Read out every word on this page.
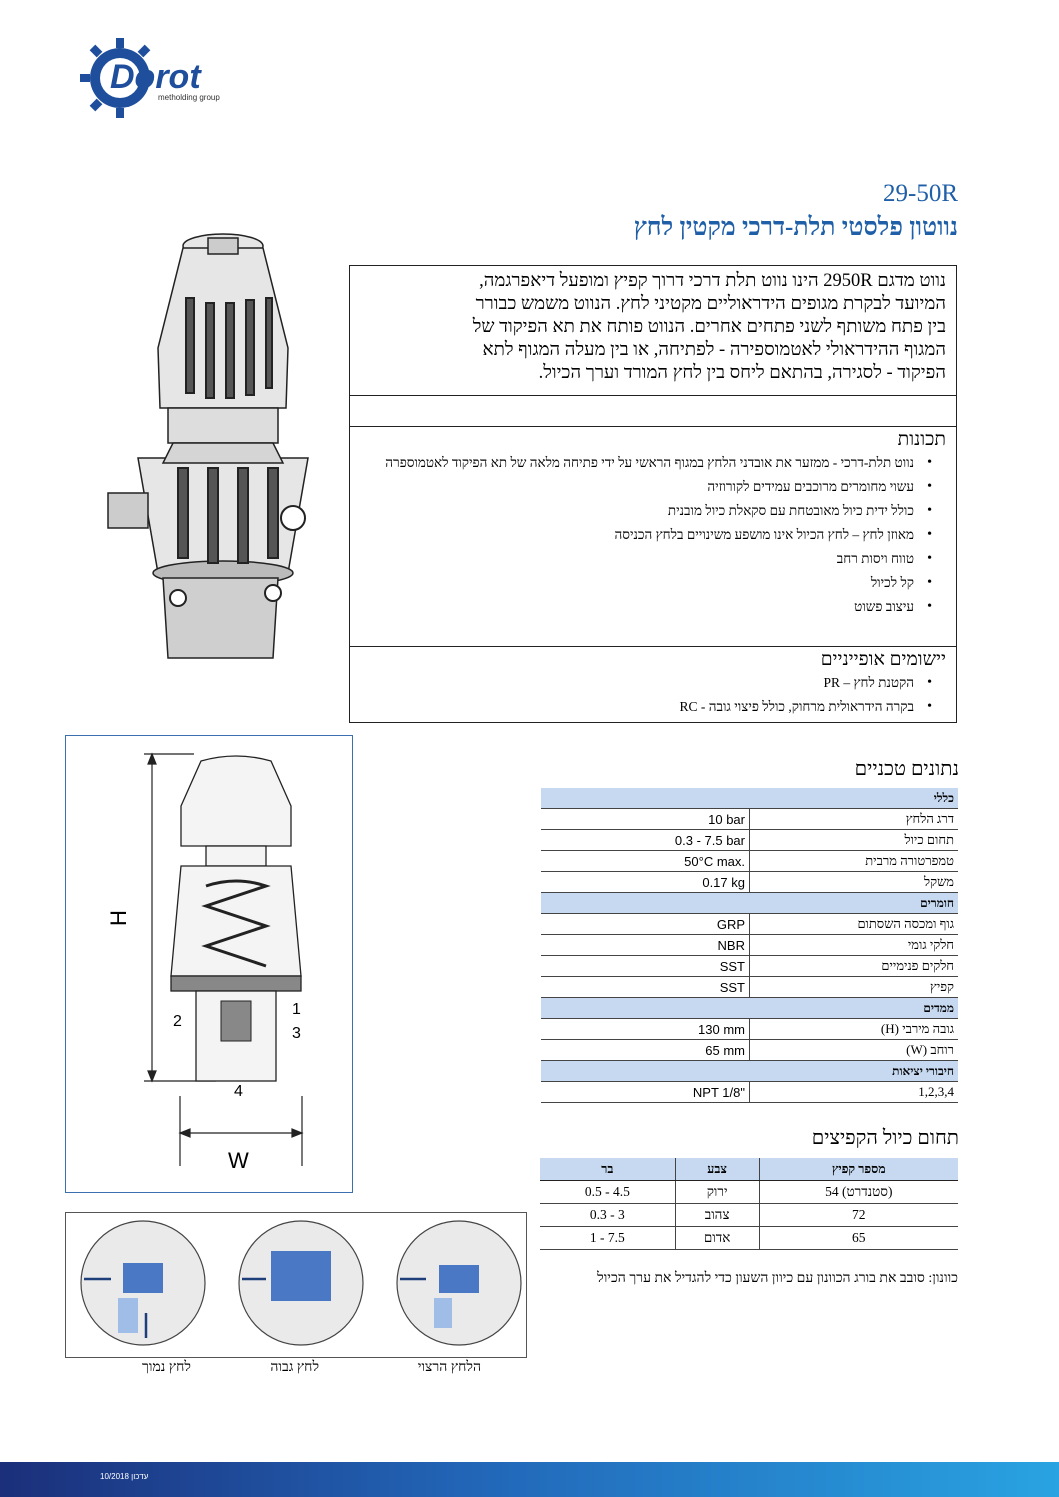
Dorot
metholding group
29-50R
נווטון פלסטי תלת-דרכי מקטין לחץ
נווט מדגם 2950R הינו נווט תלת דרכי דרוך קפיץ ומופעל דיאפרגמה,
המיועד לבקרת מגופים הידראוליים מקטיני לחץ. הנווט משמש כבורר
בין פתח משותף לשני פתחים אחרים. הנווט פותח את תא הפיקוד של
המגוף ההידראולי לאטמוספירה - לפתיחה, או בין מעלה המגוף לתא
הפיקוד - לסגירה, בהתאם ליחס בין לחץ המורד וערך הכיול.
תכונות
• נווט תלת-דרכי - ממזער את אובדני הלחץ במגוף הראשי על ידי פתיחה מלאה של תא הפיקוד לאטמוספרה
• עשוי מחומרים מרוכבים עמידים לקורוזיה
• כולל ידית כיול מאובטחת עם סקאלת כיול מובנית
• מאוזן לחץ – לחץ הכיול אינו מושפע משינויים בלחץ הכניסה
• טווח ויסות רחב
• קל לכיול
• עיצוב פשוט
יישומים אופייניים
• הקטנת לחץ – PR
• בקרה הידראולית מרחוק, כולל פיצוי גובה - RC
H
W
1
2
3
4
לחץ נמוך	לחץ גבוה	הלחץ הרצוי
נתונים טכניים
כללי	
10 bar	דרג הלחץ
0.3 - 7.5 bar	תחום כיול
50°C max.	טמפרטורה מרבית
0.17 kg	משקל
חומרים	
GRP	גוף ומכסה השסתום
NBR	חלקי גומי
SST	חלקים פנימיים
SST	קפיץ
ממדים	
130 mm	גובה מירבי (H)
65 mm	רוחב (W)
חיבורי יציאות	
NPT 1/8"	1,2,3,4
תחום כיול הקפיצים
בר	צבע	מספר קפיץ
0.5 - 4.5	ירוק	54 (סטנדרט)
0.3 - 3	צהוב	72
1 - 7.5	אדום	65
כוונון: סובב את בורג הכוונון עם כיוון השעון כדי להגדיל את ערך הכיול
10/2018 עדכון
